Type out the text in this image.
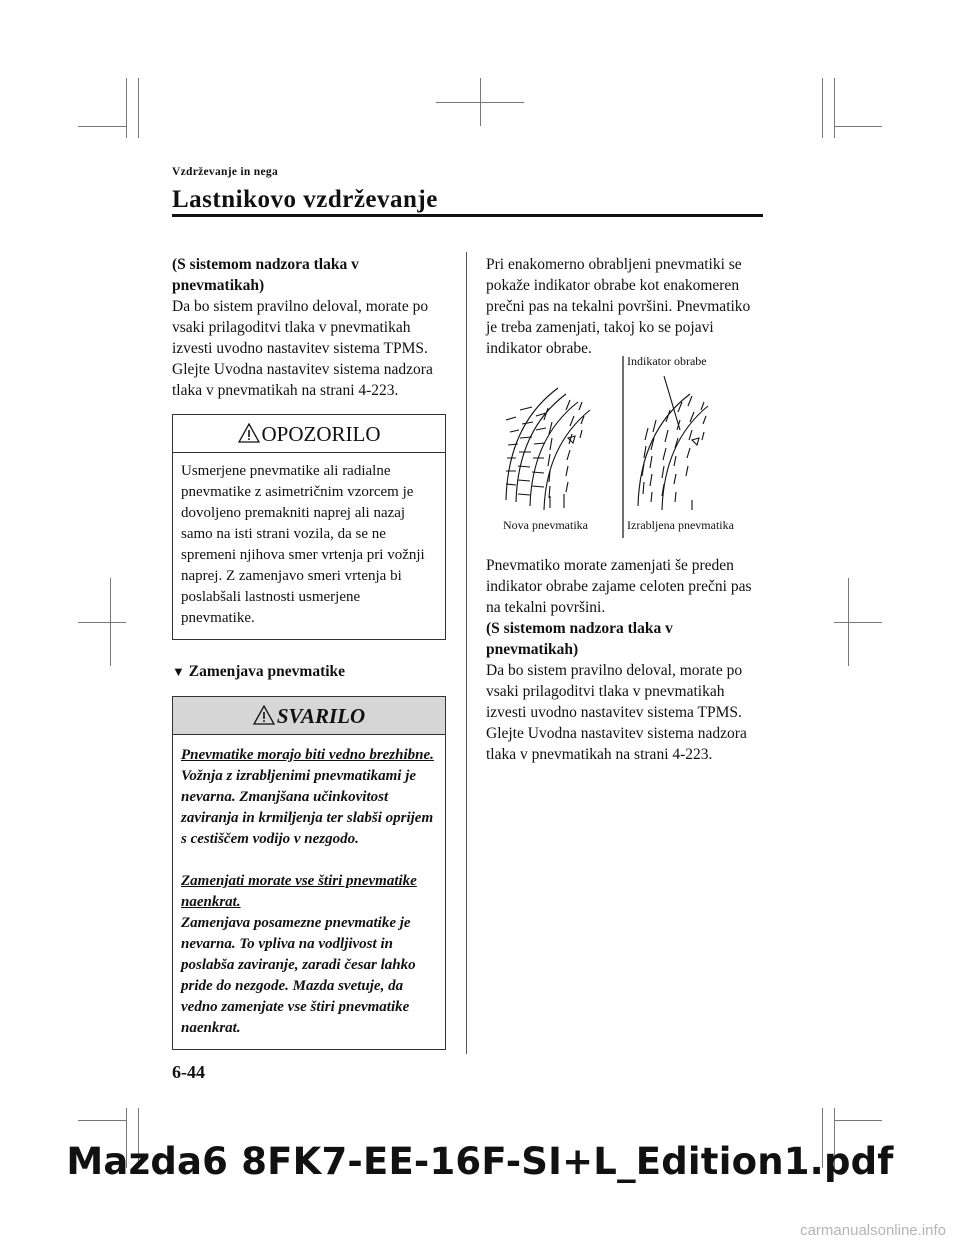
Vzdrževanje in nega
Lastnikovo vzdrževanje

(S sistemom nadzora tlaka v pnevmatikah)

Da bo sistem pravilno deloval, morate po vsaki prilagoditvi tlaka v pnevmatikah izvesti uvodno nastavitev sistema TPMS. Glejte Uvodna nastavitev sistema nadzora tlaka v pnevmatikah na strani 4-223.

OPOZORILO
Usmerjene pnevmatike ali radialne pnevmatike z asimetričnim vzorcem je dovoljeno premakniti naprej ali nazaj samo na isti strani vozila, da se ne spremeni njihova smer vrtenja pri vožnji naprej. Z zamenjavo smeri vrtenja bi poslabšali lastnosti usmerjene pnevmatike.
▼ Zamenjava pnevmatike
SVARILO
Pnevmatike morajo biti vedno brezhibne.
Vožnja z izrabljenimi pnevmatikami je nevarna. Zmanjšana učinkovitost zaviranja in krmiljenja ter slabši oprijem s cestiščem vodijo v nezgodo.
Zamenjati morate vse štiri pnevmatike naenkrat.
Zamenjava posamezne pnevmatike je nevarna. To vpliva na vodljivost in poslabša zaviranje, zaradi česar lahko pride do nezgode. Mazda svetuje, da vedno zamenjate vse štiri pnevmatike naenkrat.

Pri enakomerno obrabljeni pnevmatiki se pokaže indikator obrabe kot enakomeren prečni pas na tekalni površini. Pnevmatiko je treba zamenjati, takoj ko se pojavi indikator obrabe.

Indikator obrabe
Nova pnevmatika	Izrabljena pnevmatika

Pnevmatiko morate zamenjati še preden indikator obrabe zajame celoten prečni pas na tekalni površini.

(S sistemom nadzora tlaka v pnevmatikah)

Da bo sistem pravilno deloval, morate po vsaki prilagoditvi tlaka v pnevmatikah izvesti uvodno nastavitev sistema TPMS. Glejte Uvodna nastavitev sistema nadzora tlaka v pnevmatikah na strani 4-223.

6-44
Mazda6 8FK7-EE-16F-SI+L_Edition1.pdf
carmanualsonline.info
